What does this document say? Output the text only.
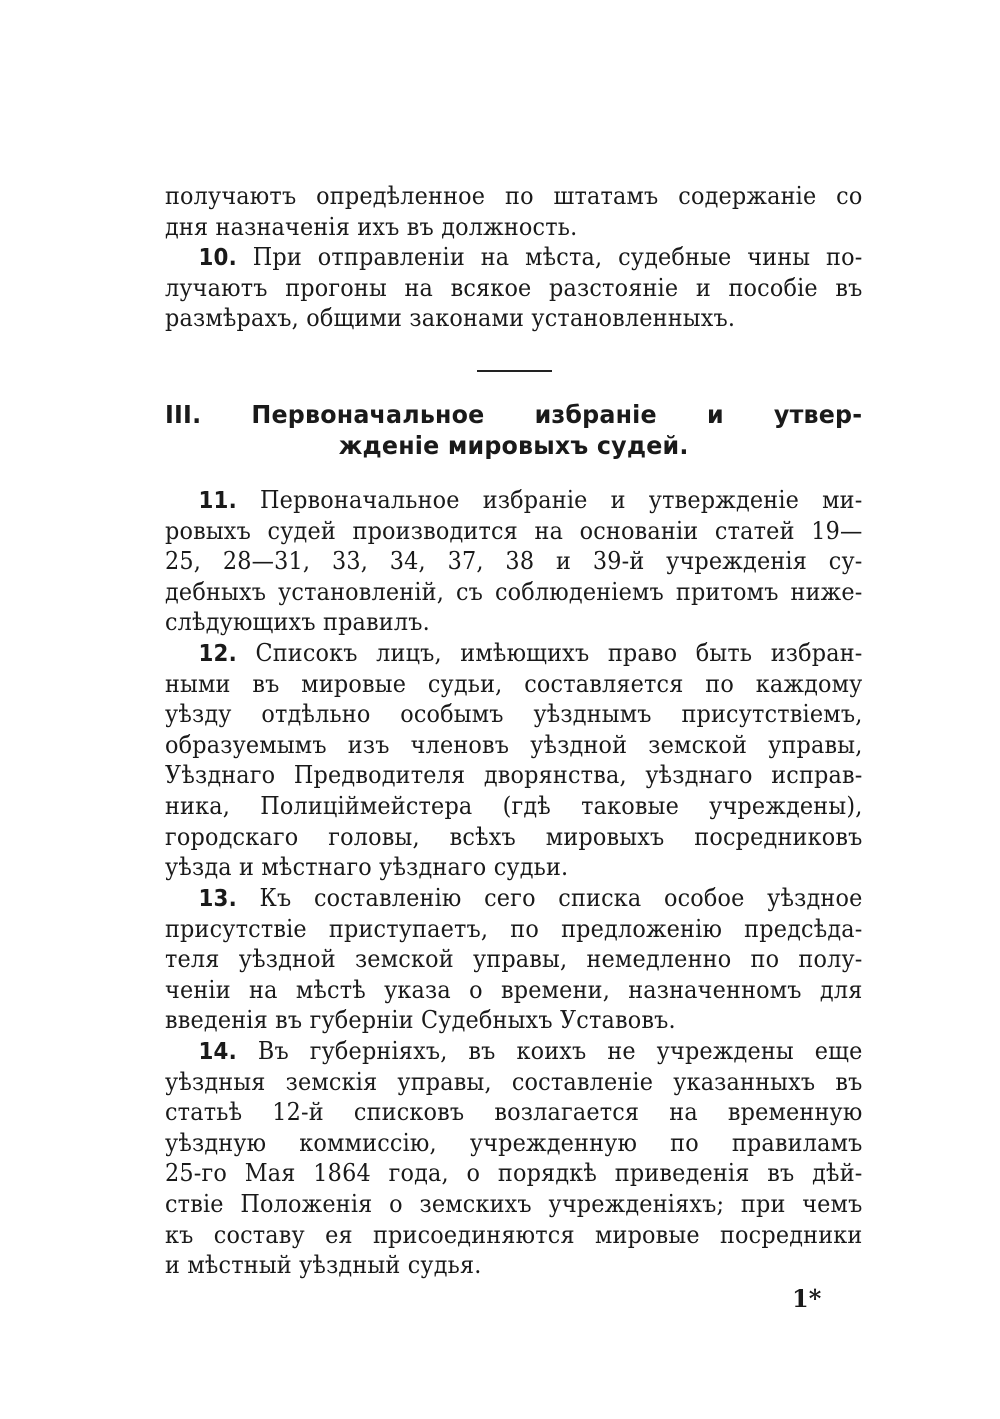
получаютъ опредѣленное по штатамъ содержаніе со
дня назначенія ихъ въ должность.
10. При отправленіи на мѣста, судебные чины по-
лучаютъ прогоны на всякое разстояніе и пособіе въ
размѣрахъ, общими законами установленныхъ.
III. Первоначальное избраніе и утвер-
жденіе мировыхъ судей.
11. Первоначальное избраніе и утвержденіе ми-
ровыхъ судей производится на основаніи статей 19—
25, 28—31, 33, 34, 37, 38 и 39-й учрежденія су-
дебныхъ установленій, съ соблюденіемъ притомъ ниже-
слѣдующихъ правилъ.
12. Списокъ лицъ, имѣющихъ право быть избран-
ными въ мировые судьи, составляется по каждому
уѣзду отдѣльно особымъ уѣзднымъ присутствіемъ,
образуемымъ изъ членовъ уѣздной земской управы,
Уѣзднаго Предводителя дворянства, уѣзднаго исправ-
ника, Полиціймейстера (гдѣ таковые учреждены),
городскаго головы, всѣхъ мировыхъ посредниковъ
уѣзда и мѣстнаго уѣзднаго судьи.
13. Къ составленію сего списка особое уѣздное
присутствіе приступаетъ, по предложенію предсѣда-
теля уѣздной земской управы, немедленно по полу-
ченіи на мѣстѣ указа о времени, назначенномъ для
введенія въ губерніи Судебныхъ Уставовъ.
14. Въ губерніяхъ, въ коихъ не учреждены еще
уѣздныя земскія управы, составленіе указанныхъ въ
статьѣ 12-й списковъ возлагается на временную
уѣздную коммиссію, учрежденную по правиламъ
25-го Мая 1864 года, о порядкѣ приведенія въ дѣй-
ствіе Положенія о земскихъ учрежденіяхъ; при чемъ
къ составу ея присоединяются мировые посредники
и мѣстный уѣздный судья.
1*
